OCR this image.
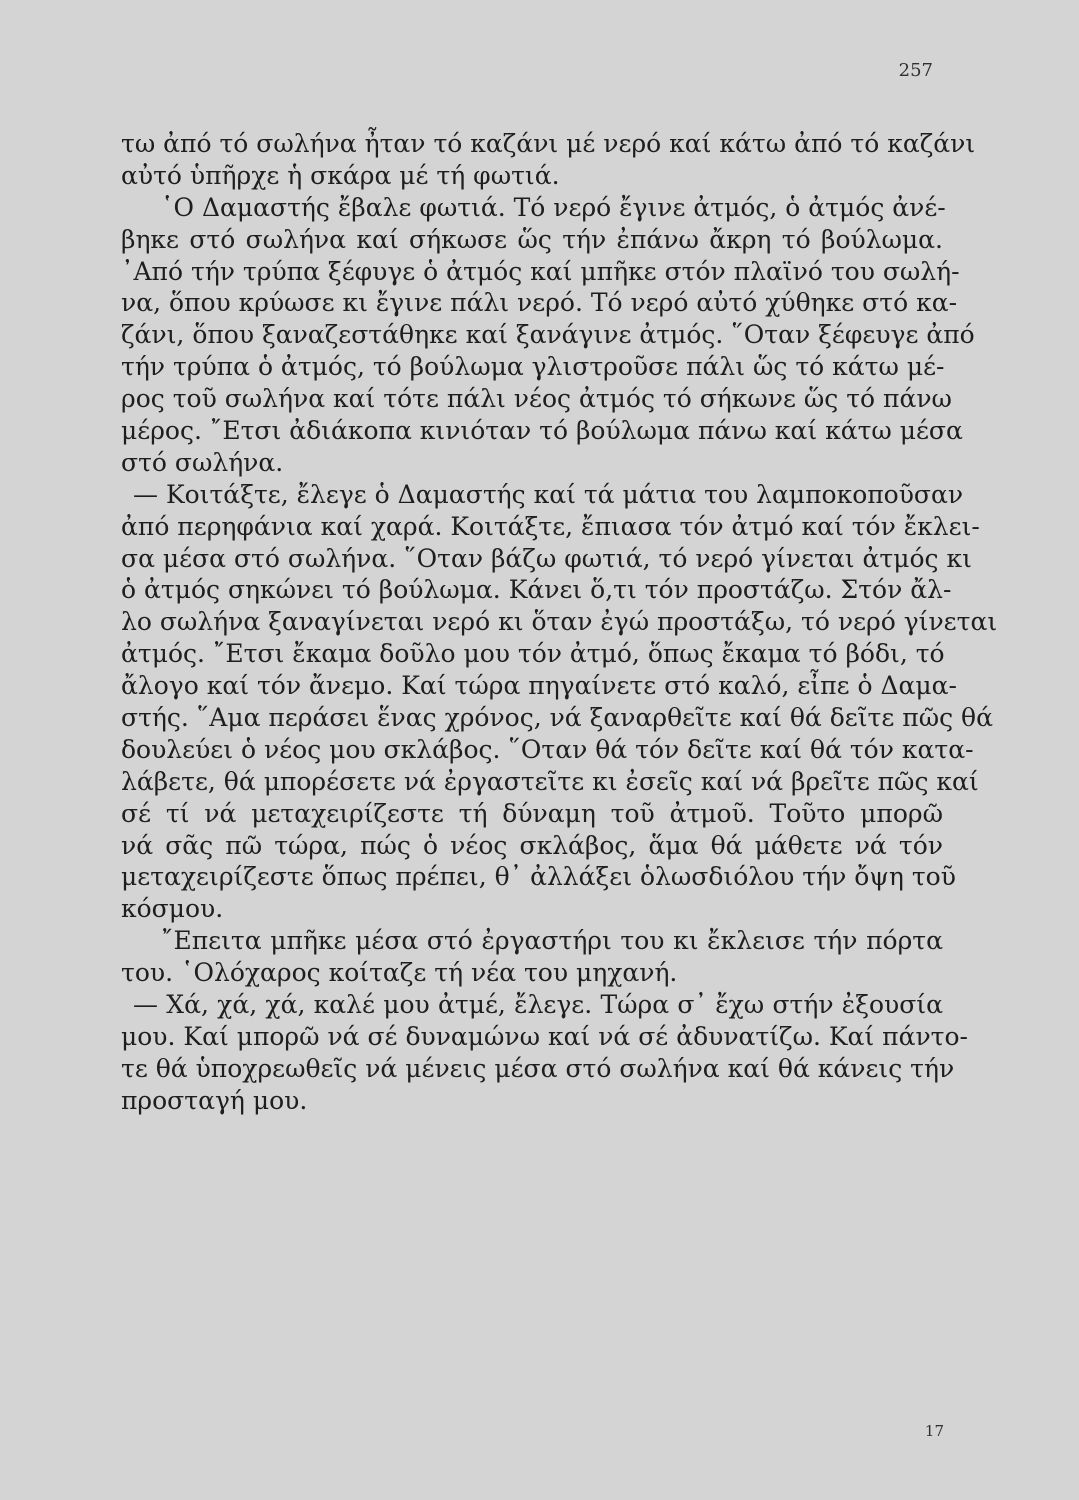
257
τω ἀπό τό σωλήνα ἦταν τό καζάνι μέ νερό καί κάτω ἀπό τό καζάνι
αὐτό ὑπῆρχε ἡ σκάρα μέ τή φωτιά.
῾Ο Δαμαστής ἔβαλε φωτιά. Τό νερό ἔγινε ἀτμός, ὁ ἀτμός ἀνέ-
βηκε στό σωλήνα καί σήκωσε ὥς τήν ἐπάνω ἄκρη τό βούλωμα.
᾿Από τήν τρύπα ξέφυγε ὁ ἀτμός καί μπῆκε στόν πλαϊνό του σωλή-
να, ὅπου κρύωσε κι ἔγινε πάλι νερό. Τό νερό αὐτό χύθηκε στό κα-
ζάνι, ὅπου ξαναζεστάθηκε καί ξανάγινε ἀτμός. ῞Οταν ξέφευγε ἀπό
τήν τρύπα ὁ ἀτμός, τό βούλωμα γλιστροῦσε πάλι ὥς τό κάτω μέ-
ρος τοῦ σωλήνα καί τότε πάλι νέος ἀτμός τό σήκωνε ὥς τό πάνω
μέρος. ῎Ετσι ἀδιάκοπα κινιόταν τό βούλωμα πάνω καί κάτω μέσα
στό σωλήνα.
— Κοιτάξτε, ἔλεγε ὁ Δαμαστής καί τά μάτια του λαμποκοποῦσαν
ἀπό περηφάνια καί χαρά. Κοιτάξτε, ἔπιασα τόν ἀτμό καί τόν ἔκλει-
σα μέσα στό σωλήνα. ῞Οταν βάζω φωτιά, τό νερό γίνεται ἀτμός κι
ὁ ἀτμός σηκώνει τό βούλωμα. Κάνει ὅ,τι τόν προστάζω. Στόν ἄλ-
λο σωλήνα ξαναγίνεται νερό κι ὅταν ἐγώ προστάξω, τό νερό γίνεται
ἀτμός. ῎Ετσι ἔκαμα δοῦλο μου τόν ἀτμό, ὅπως ἔκαμα τό βόδι, τό
ἄλογο καί τόν ἄνεμο. Καί τώρα πηγαίνετε στό καλό, εἶπε ὁ Δαμα-
στής. ῞Αμα περάσει ἕνας χρόνος, νά ξαναρθεῖτε καί θά δεῖτε πῶς θά
δουλεύει ὁ νέος μου σκλάβος. ῞Οταν θά τόν δεῖτε καί θά τόν κατα-
λάβετε, θά μπορέσετε νά ἐργαστεῖτε κι ἐσεῖς καί νά βρεῖτε πῶς καί
σέ τί νά μεταχειρίζεστε τή δύναμη τοῦ ἀτμοῦ. Τοῦτο μπορῶ
νά σᾶς πῶ τώρα, πώς ὁ νέος σκλάβος, ἅμα θά μάθετε νά τόν
μεταχειρίζεστε ὅπως πρέπει, θ᾿ ἀλλάξει ὁλωσδιόλου τήν ὄψη τοῦ
κόσμου.
῎Επειτα μπῆκε μέσα στό ἐργαστήρι του κι ἔκλεισε τήν πόρτα
του. ῾Ολόχαρος κοίταζε τή νέα του μηχανή.
— Χά, χά, χά, καλέ μου ἀτμέ, ἔλεγε. Τώρα σ᾿ ἔχω στήν ἐξουσία
μου. Καί μπορῶ νά σέ δυναμώνω καί νά σέ ἀδυνατίζω. Καί πάντο-
τε θά ὑποχρεωθεῖς νά μένεις μέσα στό σωλήνα καί θά κάνεις τήν
προσταγή μου.
17
